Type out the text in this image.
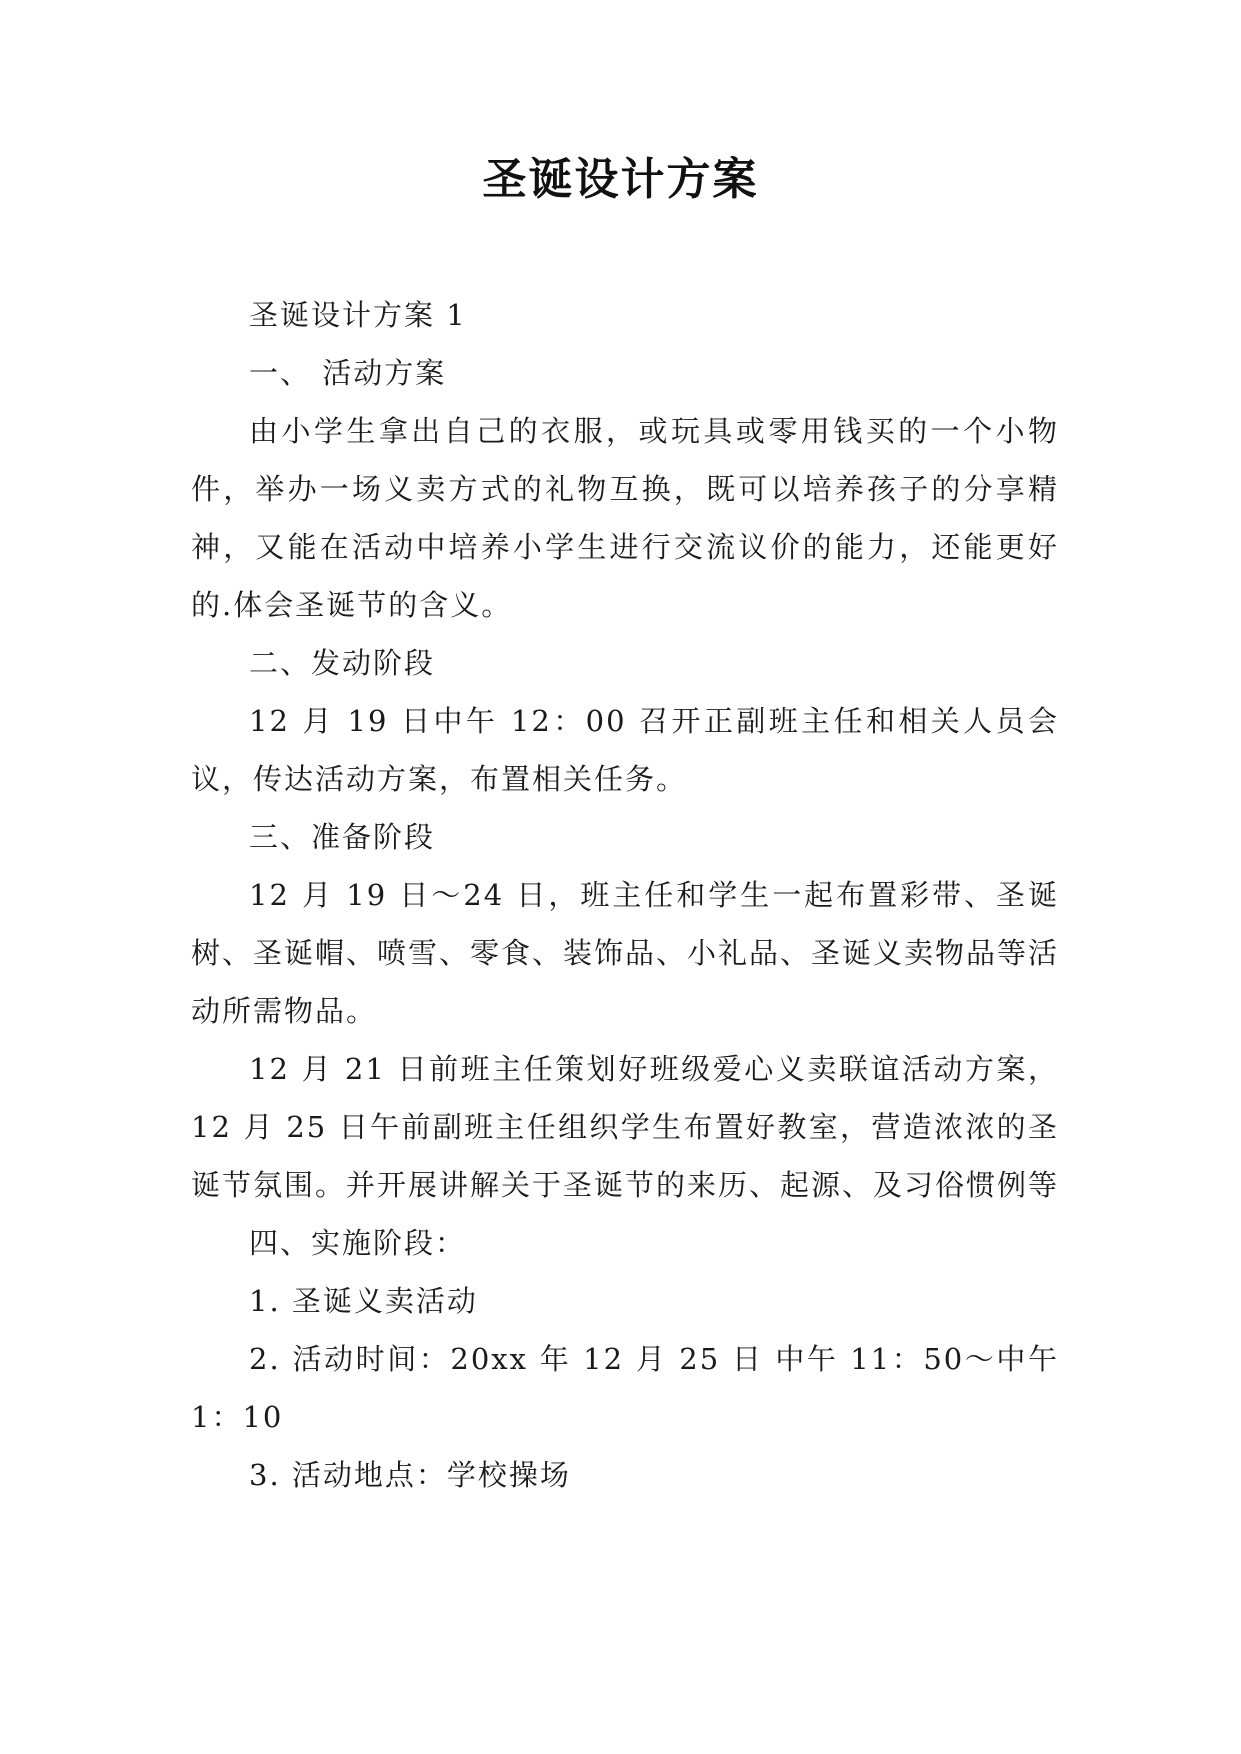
圣诞设计方案

圣诞设计方案 1

一、 活动方案

由小学生拿出自己的衣服，或玩具或零用钱买的一个小物件，举办一场义卖方式的礼物互换，既可以培养孩子的分享精神，又能在活动中培养小学生进行交流议价的能力，还能更好的.体会圣诞节的含义。

二、发动阶段

12 月 19 日中午 12：00 召开正副班主任和相关人员会议，传达活动方案，布置相关任务。

三、准备阶段

12 月 19 日～24 日，班主任和学生一起布置彩带、圣诞树、圣诞帽、喷雪、零食、装饰品、小礼品、圣诞义卖物品等活动所需物品。

12 月 21 日前班主任策划好班级爱心义卖联谊活动方案，12 月 25 日午前副班主任组织学生布置好教室，营造浓浓的圣诞节氛围。并开展讲解关于圣诞节的来历、起源、及习俗惯例等

四、实施阶段：

1. 圣诞义卖活动

2. 活动时间：20xx 年 12 月 25 日 中午 11：50～中午 1：10

3. 活动地点：学校操场
